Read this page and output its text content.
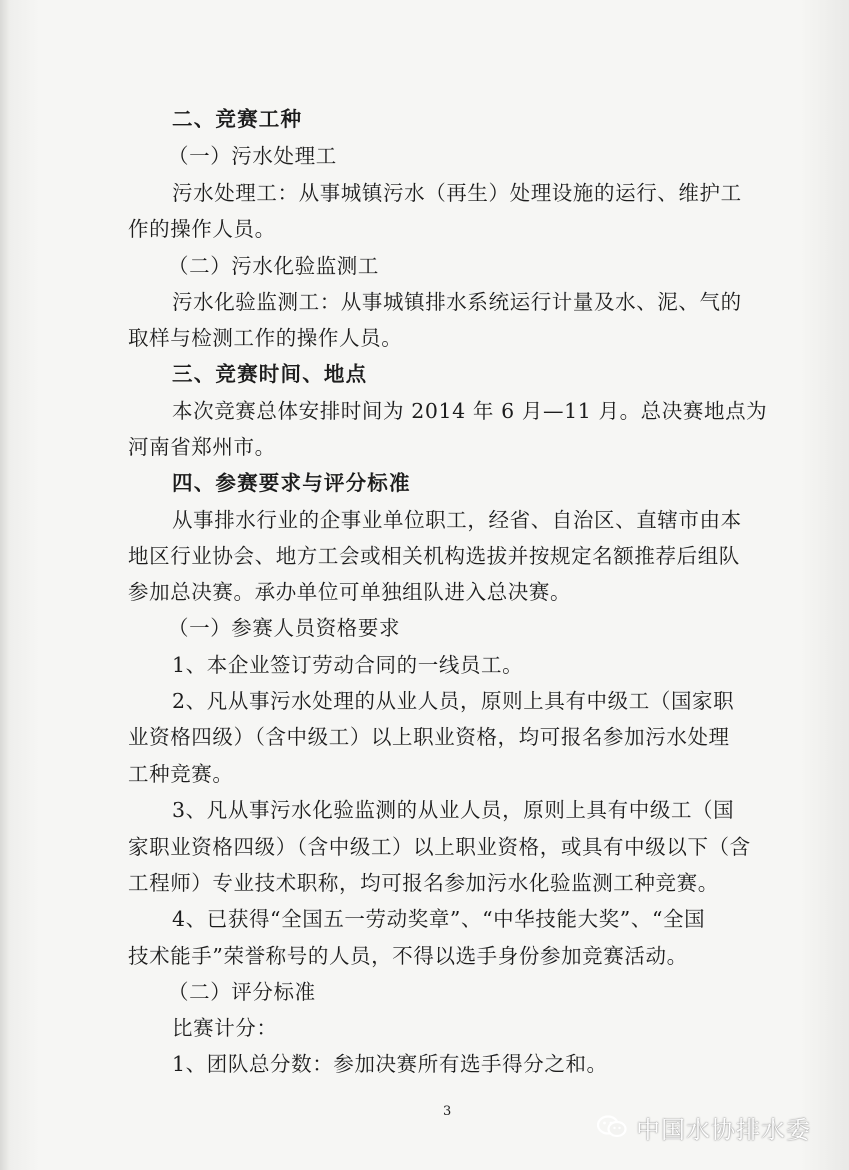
二、竞赛工种
（一）污水处理工
污水处理工：从事城镇污水（再生）处理设施的运行、维护工
作的操作人员。
（二）污水化验监测工
污水化验监测工：从事城镇排水系统运行计量及水、泥、气的
取样与检测工作的操作人员。
三、竞赛时间、地点
本次竞赛总体安排时间为 2014 年 6 月—11 月。总决赛地点为
河南省郑州市。
四、参赛要求与评分标准
从事排水行业的企事业单位职工，经省、自治区、直辖市由本
地区行业协会、地方工会或相关机构选拔并按规定名额推荐后组队
参加总决赛。承办单位可单独组队进入总决赛。
（一）参赛人员资格要求
1、本企业签订劳动合同的一线员工。
2、凡从事污水处理的从业人员，原则上具有中级工（国家职
业资格四级）（含中级工）以上职业资格，均可报名参加污水处理
工种竞赛。
3、凡从事污水化验监测的从业人员，原则上具有中级工（国
家职业资格四级）（含中级工）以上职业资格，或具有中级以下（含
工程师）专业技术职称，均可报名参加污水化验监测工种竞赛。
4、已获得“全国五一劳动奖章”、“中华技能大奖”、“全国
技术能手”荣誉称号的人员，不得以选手身份参加竞赛活动。
（二）评分标准
比赛计分：
1、团队总分数：参加决赛所有选手得分之和。
3
中国水协排水委
